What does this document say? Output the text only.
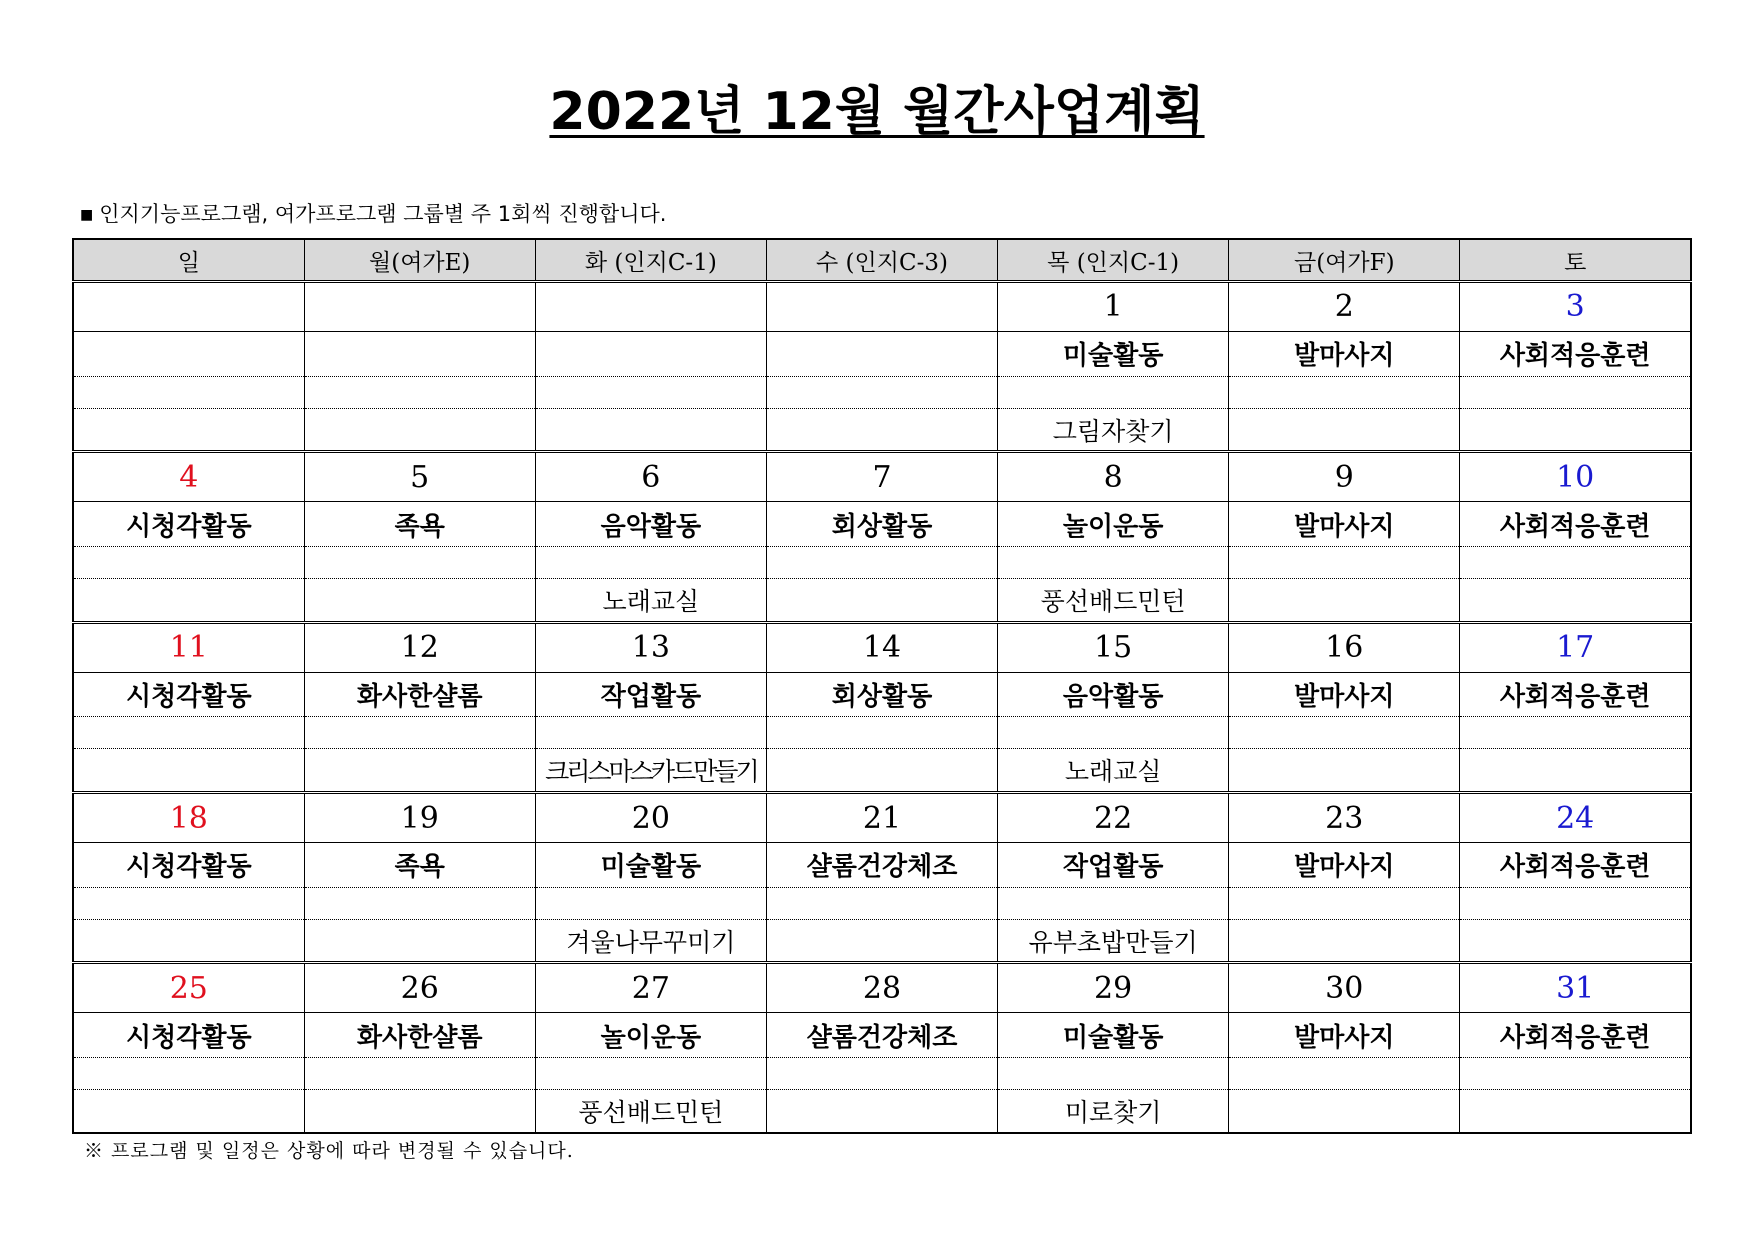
2022년 12월 월간사업계획
■ 인지기능프로그램, 여가프로그램 그룹별 주 1회씩 진행합니다.
일	월(여가E)	화 (인지C-1)	수 (인지C-3)	목 (인지C-1)	금(여가F)	토
				1	2	3
				미술활동	발마사지	사회적응훈련

				그림자찾기		
4	5	6	7	8	9	10
시청각활동	족욕	음악활동	회상활동	놀이운동	발마사지	사회적응훈련

		노래교실		풍선배드민턴		
11	12	13	14	15	16	17
시청각활동	화사한샬롬	작업활동	회상활동	음악활동	발마사지	사회적응훈련

		크리스마스카드만들기		노래교실		
18	19	20	21	22	23	24
시청각활동	족욕	미술활동	샬롬건강체조	작업활동	발마사지	사회적응훈련

		겨울나무꾸미기		유부초밥만들기		
25	26	27	28	29	30	31
시청각활동	화사한샬롬	놀이운동	샬롬건강체조	미술활동	발마사지	사회적응훈련

		풍선배드민턴		미로찾기		
※ 프로그램 및 일정은 상황에 따라 변경될 수 있습니다.
